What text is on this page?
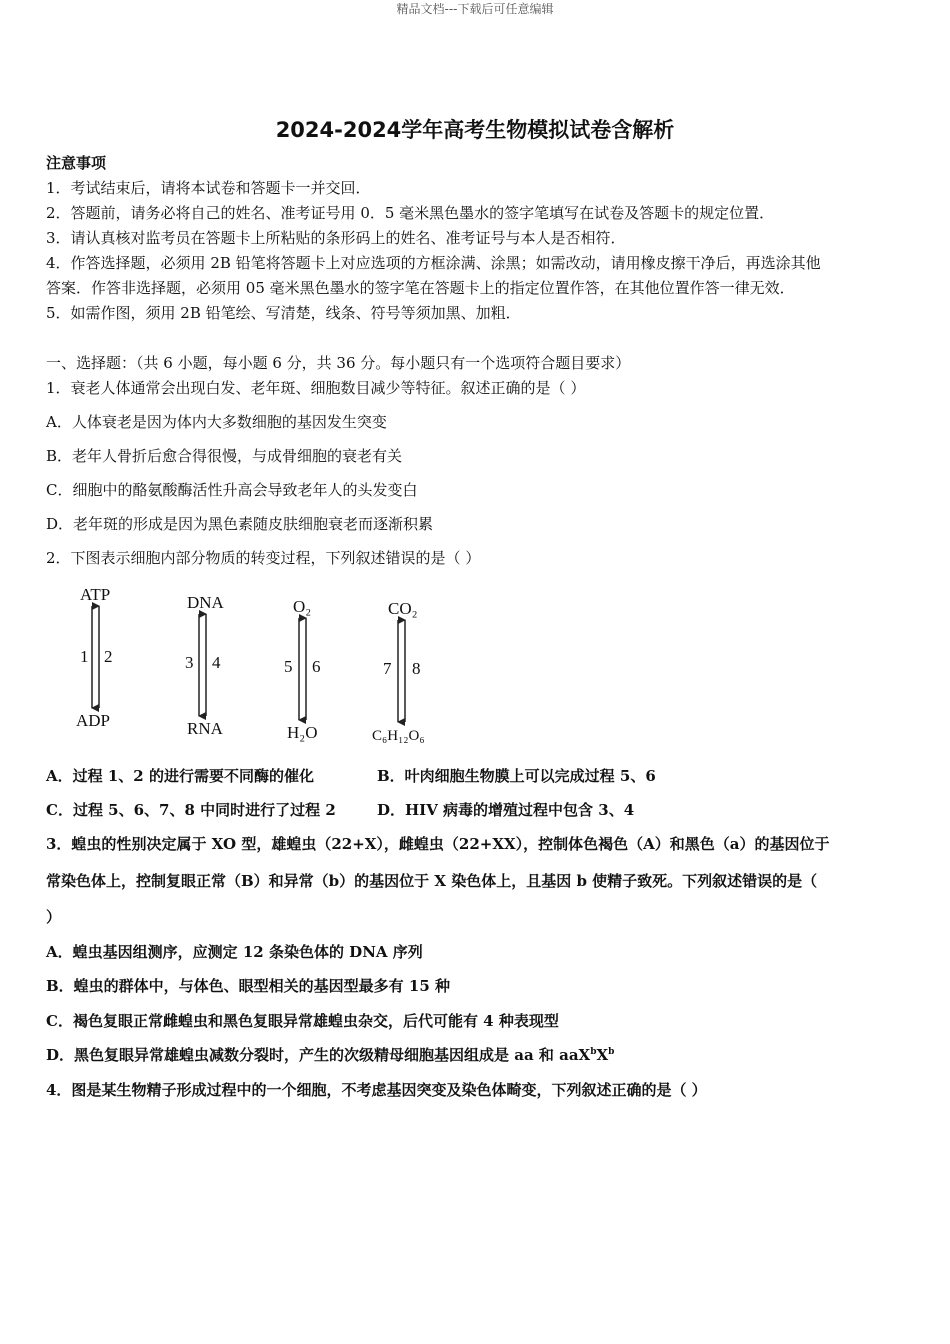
精品文档---下载后可任意编辑
2024-2024学年高考生物模拟试卷含解析
注意事项
1．考试结束后，请将本试卷和答题卡一并交回．
2．答题前，请务必将自己的姓名、准考证号用 0．5 毫米黑色墨水的签字笔填写在试卷及答题卡的规定位置．
3．请认真核对监考员在答题卡上所粘贴的条形码上的姓名、准考证号与本人是否相符．
4．作答选择题，必须用 2B 铅笔将答题卡上对应选项的方框涂满、涂黑；如需改动，请用橡皮擦干净后，再选涂其他
答案．作答非选择题，必须用 05 毫米黑色墨水的签字笔在答题卡上的指定位置作答，在其他位置作答一律无效．
5．如需作图，须用 2B 铅笔绘、写清楚，线条、符号等须加黑、加粗．
一、选择题：（共 6 小题，每小题 6 分，共 36 分。每小题只有一个选项符合题目要求）
1．衰老人体通常会出现白发、老年斑、细胞数目减少等特征。叙述正确的是（ ）
A．人体衰老是因为体内大多数细胞的基因发生突变
B．老年人骨折后愈合得很慢，与成骨细胞的衰老有关
C．细胞中的酪氨酸酶活性升高会导致老年人的头发变白
D．老年斑的形成是因为黑色素随皮肤细胞衰老而逐渐积累
2．下图表示细胞内部分物质的转变过程，下列叙述错误的是（ ）
ATP
1 2
ADP
DNA
3 4
RNA
O₂
5 6
H₂O
CO₂
7 8
C₆H₁₂O₆
A．过程 1、2 的进行需要不同酶的催化	B．叶肉细胞生物膜上可以完成过程 5、6
C．过程 5、6、7、8 中同时进行了过程 2	D．HIV 病毒的增殖过程中包含 3、4
3．蝗虫的性别决定属于 XO 型，雄蝗虫（22+X），雌蝗虫（22+XX），控制体色褐色（A）和黑色（a）的基因位于
常染色体上，控制复眼正常（B）和异常（b）的基因位于 X 染色体上，且基因 b 使精子致死。下列叙述错误的是（
）
A．蝗虫基因组测序，应测定 12 条染色体的 DNA 序列
B．蝗虫的群体中，与体色、眼型相关的基因型最多有 15 种
C．褐色复眼正常雌蝗虫和黑色复眼异常雄蝗虫杂交，后代可能有 4 种表现型
D．黑色复眼异常雄蝗虫减数分裂时，产生的次级精母细胞基因组成是 aa 和 $aaX^bX^b$
4．图是某生物精子形成过程中的一个细胞，不考虑基因突变及染色体畸变，下列叙述正确的是（ ）
